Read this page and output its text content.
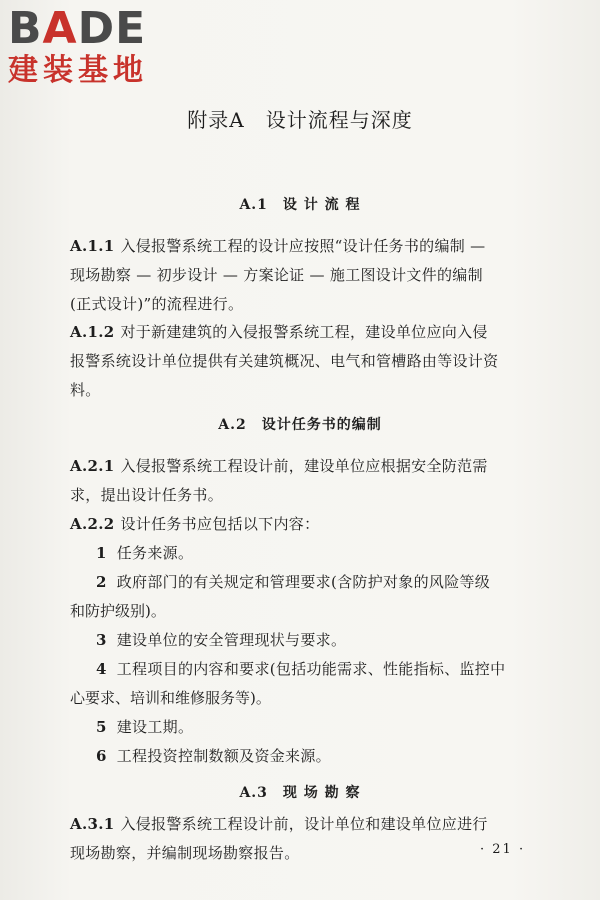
BADE
建装基地
附录A　设计流程与深度
A.1　设 计 流 程
A.1.1 入侵报警系统工程的设计应按照“设计任务书的编制 —
现场勘察 — 初步设计 — 方案论证 — 施工图设计文件的编制
(正式设计)”的流程进行。
A.1.2 对于新建建筑的入侵报警系统工程，建设单位应向入侵
报警系统设计单位提供有关建筑概况、电气和管槽路由等设计资
料。
A.2　设计任务书的编制
A.2.1 入侵报警系统工程设计前，建设单位应根据安全防范需
求，提出设计任务书。
A.2.2 设计任务书应包括以下内容：
1 任务来源。
2 政府部门的有关规定和管理要求(含防护对象的风险等级
和防护级别)。
3 建设单位的安全管理现状与要求。
4 工程项目的内容和要求(包括功能需求、性能指标、监控中
心要求、培训和维修服务等)。
5 建设工期。
6 工程投资控制数额及资金来源。
A.3　现 场 勘 察
· 21 ·
A.3.1 入侵报警系统工程设计前，设计单位和建设单位应进行
现场勘察，并编制现场勘察报告。
